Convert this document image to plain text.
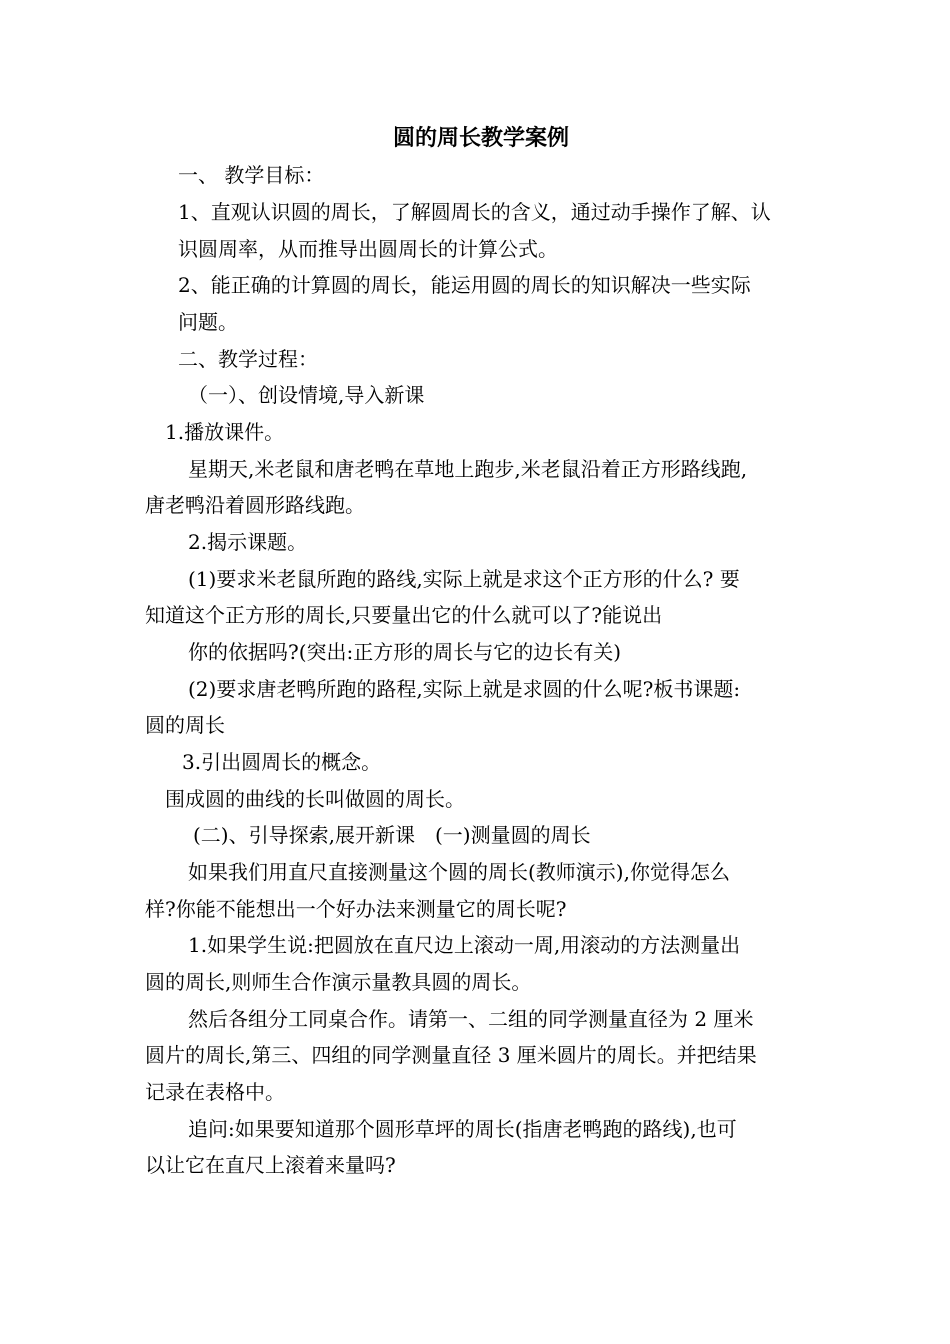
圆的周长教学案例
一、 教学目标：
1、直观认识圆的周长，了解圆周长的含义，通过动手操作了解、认
识圆周率，从而推导出圆周长的计算公式。
2、能正确的计算圆的周长，能运用圆的周长的知识解决一些实际
问题。
二、教学过程：
（一）、创设情境,导入新课
1.播放课件。
星期天,米老鼠和唐老鸭在草地上跑步,米老鼠沿着正方形路线跑,
唐老鸭沿着圆形路线跑。
2.揭示课题。
(1)要求米老鼠所跑的路线,实际上就是求这个正方形的什么? 要
知道这个正方形的周长,只要量出它的什么就可以了?能说出
你的依据吗?(突出:正方形的周长与它的边长有关)
(2)要求唐老鸭所跑的路程,实际上就是求圆的什么呢?板书课题:
圆的周长
3.引出圆周长的概念。
围成圆的曲线的长叫做圆的周长。
(二)、引导探索,展开新课　(一)测量圆的周长
如果我们用直尺直接测量这个圆的周长(教师演示),你觉得怎么
样?你能不能想出一个好办法来测量它的周长呢?
1.如果学生说:把圆放在直尺边上滚动一周,用滚动的方法测量出
圆的周长,则师生合作演示量教具圆的周长。
然后各组分工同桌合作。请第一、二组的同学测量直径为 2 厘米
圆片的周长,第三、四组的同学测量直径 3 厘米圆片的周长。并把结果
记录在表格中。
追问:如果要知道那个圆形草坪的周长(指唐老鸭跑的路线),也可
以让它在直尺上滚着来量吗?
